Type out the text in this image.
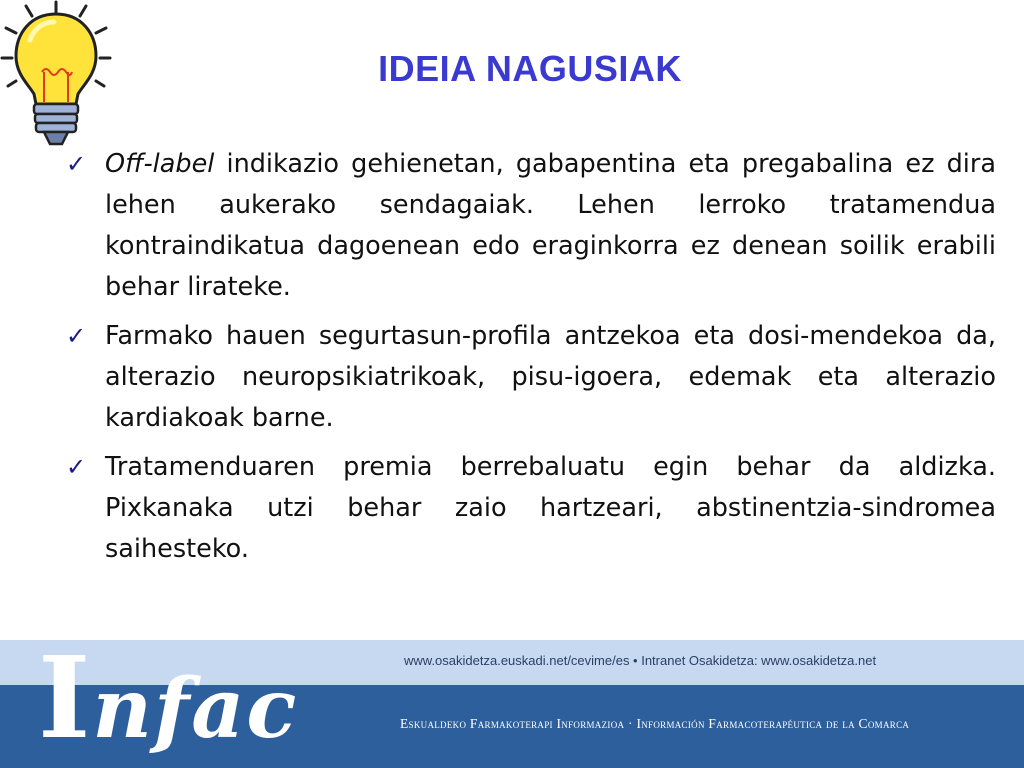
IDEIA NAGUSIAK
✓ Off-label indikazio gehienetan, gabapentina eta pregabalina ez dira lehen aukerako sendagaiak. Lehen lerroko tratamendua kontraindikatua dagoenean edo eraginkorra ez denean soilik erabili behar lirateke.
✓ Farmako hauen segurtasun-profila antzekoa eta dosi-mendekoa da, alterazio neuropsikiatrikoak, pisu-igoera, edemak eta alterazio kardiakoak barne.
✓ Tratamenduaren premia berrebaluatu egin behar da aldizka. Pixkanaka utzi behar zaio hartzeari, abstinentzia-sindromea saihesteko.
Infac
www.osakidetza.euskadi.net/cevime/es • Intranet Osakidetza: www.osakidetza.net
Eskualdeko Farmakoterapi Informazioa · Información Farmacoterapéutica de la Comarca
